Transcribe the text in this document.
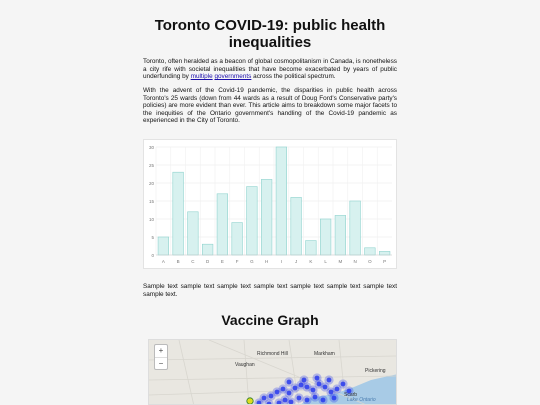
Toronto COVID-19: public health inequalities

Toronto, often heralded as a beacon of global cosmopolitanism in Canada, is nonetheless a city rife with societal inequalities that have become exacerbated by years of public underfunding by multiple governments across the political spectrum.

With the advent of the Covid-19 pandemic, the disparities in public health across Toronto's 25 wards (down from 44 wards as a result of Doug Ford's Conservative party's policies) are more evident than ever. This article aims to breakdown some major facets to the inequities of the Ontario government's handling of the Covid-19 pandemic as experienced in the City of Toronto.

0
5
10
15
20
25
30
A	B	C	D	E	F	G	H	I	J	K	L	M	N	O	P

Sample text sample text sample text sample text sample text sample text sample text sample text.

Vaccine Graph
+
−
Richmond Hill	Markham
Vaughan
Pickering
Scarb
Lake Ontario
